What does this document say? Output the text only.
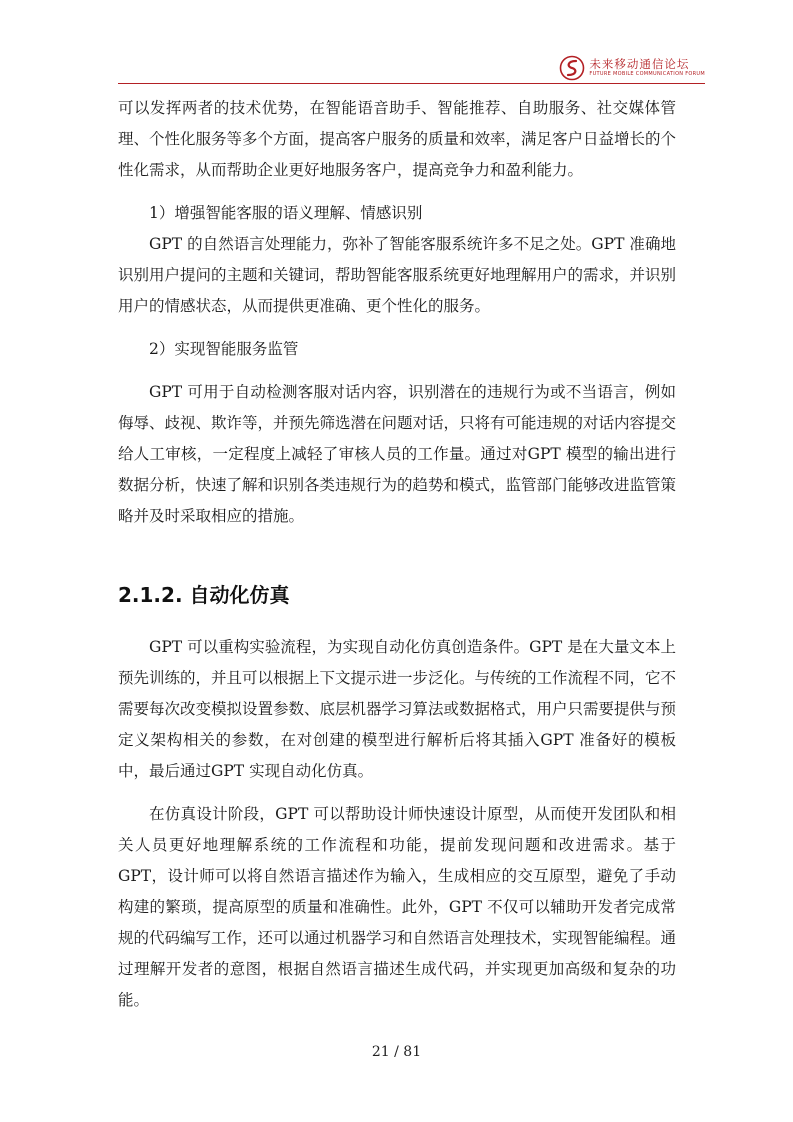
未来移动通信论坛
FUTURE MOBILE COMMUNICATION FORUM

可以发挥两者的技术优势，在智能语音助手、智能推荐、自助服务、社交媒体管理、个性化服务等多个方面，提高客户服务的质量和效率，满足客户日益增长的个性化需求，从而帮助企业更好地服务客户，提高竞争力和盈利能力。

1）增强智能客服的语义理解、情感识别

GPT 的自然语言处理能力，弥补了智能客服系统许多不足之处。GPT 准确地识别用户提问的主题和关键词，帮助智能客服系统更好地理解用户的需求，并识别用户的情感状态，从而提供更准确、更个性化的服务。

2）实现智能服务监管

GPT 可用于自动检测客服对话内容，识别潜在的违规行为或不当语言，例如侮辱、歧视、欺诈等，并预先筛选潜在问题对话，只将有可能违规的对话内容提交给人工审核，一定程度上减轻了审核人员的工作量。通过对GPT 模型的输出进行数据分析，快速了解和识别各类违规行为的趋势和模式，监管部门能够改进监管策略并及时采取相应的措施。

2.1.2. 自动化仿真

GPT 可以重构实验流程，为实现自动化仿真创造条件。GPT 是在大量文本上预先训练的，并且可以根据上下文提示进一步泛化。与传统的工作流程不同，它不需要每次改变模拟设置参数、底层机器学习算法或数据格式，用户只需要提供与预定义架构相关的参数，在对创建的模型进行解析后将其插入GPT 准备好的模板中，最后通过GPT 实现自动化仿真。

在仿真设计阶段，GPT 可以帮助设计师快速设计原型，从而使开发团队和相关人员更好地理解系统的工作流程和功能，提前发现问题和改进需求。基于GPT，设计师可以将自然语言描述作为输入，生成相应的交互原型，避免了手动构建的繁琐，提高原型的质量和准确性。此外，GPT 不仅可以辅助开发者完成常规的代码编写工作，还可以通过机器学习和自然语言处理技术，实现智能编程。通过理解开发者的意图，根据自然语言描述生成代码，并实现更加高级和复杂的功能。

21 / 81
